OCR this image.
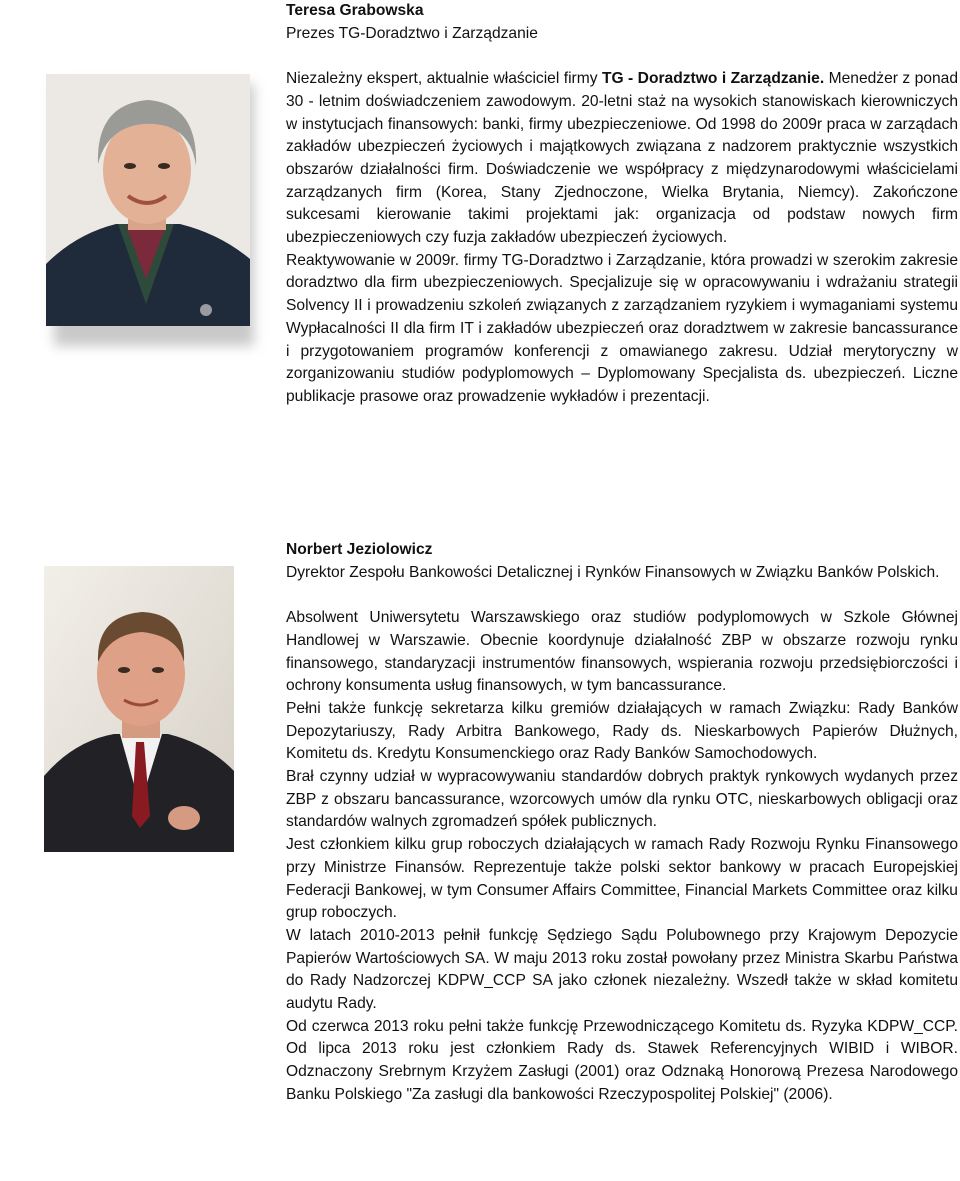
Teresa Grabowska

Prezes TG-Doradztwo i Zarządzanie

Niezależny ekspert, aktualnie właściciel firmy TG - Doradztwo i Zarządzanie. Menedżer z ponad 30 - letnim doświadczeniem zawodowym. 20-letni staż na wysokich stanowiskach kierowniczych w instytucjach finansowych: banki, firmy ubezpieczeniowe. Od 1998 do 2009r praca w zarządach zakładów ubezpieczeń życiowych i majątkowych związana z nadzorem praktycznie wszystkich obszarów działalności firm. Doświadczenie we współpracy z międzynarodowymi właścicielami zarządzanych firm (Korea, Stany Zjednoczone, Wielka Brytania, Niemcy). Zakończone sukcesami kierowanie takimi projektami jak: organizacja od podstaw nowych firm ubezpieczeniowych czy fuzja zakładów ubezpieczeń życiowych.

Reaktywowanie w 2009r. firmy TG-Doradztwo i Zarządzanie, która prowadzi w szerokim zakresie doradztwo dla firm ubezpieczeniowych. Specjalizuje się w opracowywaniu i wdrażaniu strategii Solvency II i prowadzeniu szkoleń związanych z zarządzaniem ryzykiem i wymaganiami systemu Wypłacalności II dla firm IT i zakładów ubezpieczeń oraz doradztwem w zakresie bancassurance i przygotowaniem programów konferencji z omawianego zakresu. Udział merytoryczny w zorganizowaniu studiów podyplomowych – Dyplomowany Specjalista ds. ubezpieczeń. Liczne publikacje prasowe oraz prowadzenie wykładów i prezentacji.

Norbert Jeziolowicz

Dyrektor Zespołu Bankowości Detalicznej i Rynków Finansowych w Związku Banków Polskich.

Absolwent Uniwersytetu Warszawskiego oraz studiów podyplomowych w Szkole Głównej Handlowej w Warszawie. Obecnie koordynuje działalność ZBP w obszarze rozwoju rynku finansowego, standaryzacji instrumentów finansowych, wspierania rozwoju przedsiębiorczości i ochrony konsumenta usług finansowych, w tym bancassurance.

Pełni także funkcję sekretarza kilku gremiów działających w ramach Związku: Rady Banków Depozytariuszy, Rady Arbitra Bankowego, Rady ds. Nieskarbowych Papierów Dłużnych, Komitetu ds. Kredytu Konsumenckiego oraz Rady Banków Samochodowych.

Brał czynny udział w wypracowywaniu standardów dobrych praktyk rynkowych wydanych przez ZBP z obszaru bancassurance, wzorcowych umów dla rynku OTC, nieskarbowych obligacji oraz standardów walnych zgromadzeń spółek publicznych.

Jest członkiem kilku grup roboczych działających w ramach Rady Rozwoju Rynku Finansowego przy Ministrze Finansów. Reprezentuje także polski sektor bankowy w pracach Europejskiej Federacji Bankowej, w tym Consumer Affairs Committee, Financial Markets Committee oraz kilku grup roboczych.

W latach 2010-2013 pełnił funkcję Sędziego Sądu Polubownego przy Krajowym Depozycie Papierów Wartościowych SA. W maju 2013 roku został powołany przez Ministra Skarbu Państwa do Rady Nadzorczej KDPW_CCP SA jako członek niezależny. Wszedł także w skład komitetu audytu Rady.

Od czerwca 2013 roku pełni także funkcję Przewodniczącego Komitetu ds. Ryzyka KDPW_CCP. Od lipca 2013 roku jest członkiem Rady ds. Stawek Referencyjnych WIBID i WIBOR. Odznaczony Srebrnym Krzyżem Zasługi (2001) oraz Odznaką Honorową Prezesa Narodowego Banku Polskiego "Za zasługi dla bankowości Rzeczypospolitej Polskiej" (2006).
